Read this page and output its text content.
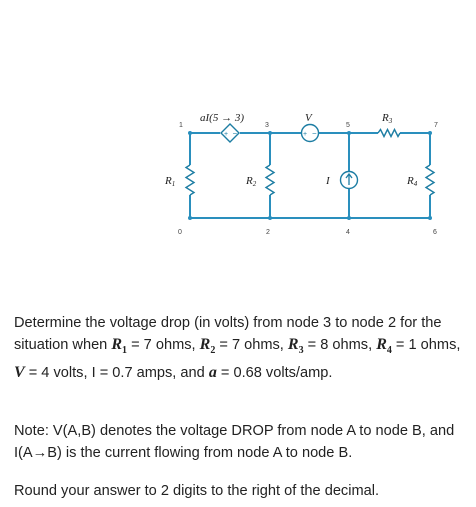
+ −	+ −
1	3	5	7
0	2	4	6
R1	R2
R3
R4
aI(5 → 3)	V
I

Determine the voltage drop (in volts) from node 3 to node 2 for the situation when $R_1 = 7$ ohms, $R_2 = 7$ ohms, $R_3 = 8$ ohms, $R_4 = 1$ ohms, V = 4 volts, I = 0.7 amps, and a = 0.68 volts/amp.

Note: V(A,B) denotes the voltage DROP from node A to node B, and I(A→B) is the current flowing from node A to node B.

Round your answer to 2 digits to the right of the decimal.
